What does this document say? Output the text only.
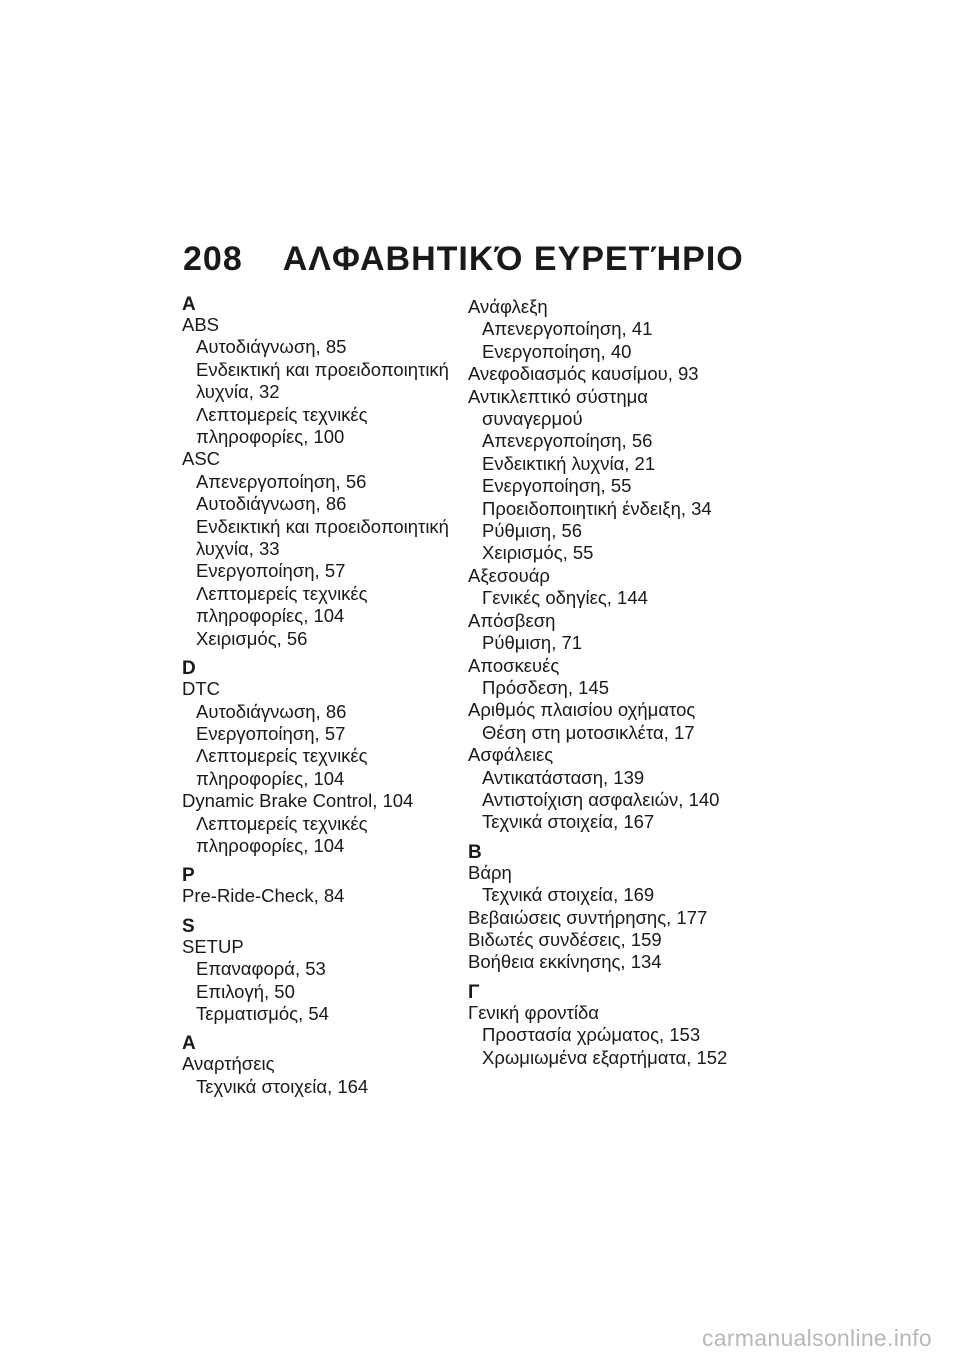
208 ΑΛΦΑΒΗΤΙΚΌ ΕΥΡΕΤΉΡΙΟ
A
ABS
Αυτοδιάγνωση, 85
Ενδεικτική και προειδοποιητική
λυχνία, 32
Λεπτομερείς τεχνικές
πληροφορίες, 100
ASC
Απενεργοποίηση, 56
Αυτοδιάγνωση, 86
Ενδεικτική και προειδοποιητική
λυχνία, 33
Ενεργοποίηση, 57
Λεπτομερείς τεχνικές
πληροφορίες, 104
Χειρισμός, 56
D
DTC
Αυτοδιάγνωση, 86
Ενεργοποίηση, 57
Λεπτομερείς τεχνικές
πληροφορίες, 104
Dynamic Brake Control, 104
Λεπτομερείς τεχνικές
πληροφορίες, 104
P
Pre-Ride-Check, 84
S
SETUP
Επαναφορά, 53
Επιλογή, 50
Τερματισμός, 54
Α
Αναρτήσεις
Τεχνικά στοιχεία, 164
Ανάφλεξη
Απενεργοποίηση, 41
Ενεργοποίηση, 40
Ανεφοδιασμός καυσίμου, 93
Αντικλεπτικό σύστημα
συναγερμού
Απενεργοποίηση, 56
Ενδεικτική λυχνία, 21
Ενεργοποίηση, 55
Προειδοποιητική ένδειξη, 34
Ρύθμιση, 56
Χειρισμός, 55
Αξεσουάρ
Γενικές οδηγίες, 144
Απόσβεση
Ρύθμιση, 71
Αποσκευές
Πρόσδεση, 145
Αριθμός πλαισίου οχήματος
Θέση στη μοτοσικλέτα, 17
Ασφάλειες
Αντικατάσταση, 139
Αντιστοίχιση ασφαλειών, 140
Τεχνικά στοιχεία, 167
Β
Βάρη
Τεχνικά στοιχεία, 169
Βεβαιώσεις συντήρησης, 177
Βιδωτές συνδέσεις, 159
Βοήθεια εκκίνησης, 134
Γ
Γενική φροντίδα
Προστασία χρώματος, 153
Χρωμιωμένα εξαρτήματα, 152
carmanualsonline.info
